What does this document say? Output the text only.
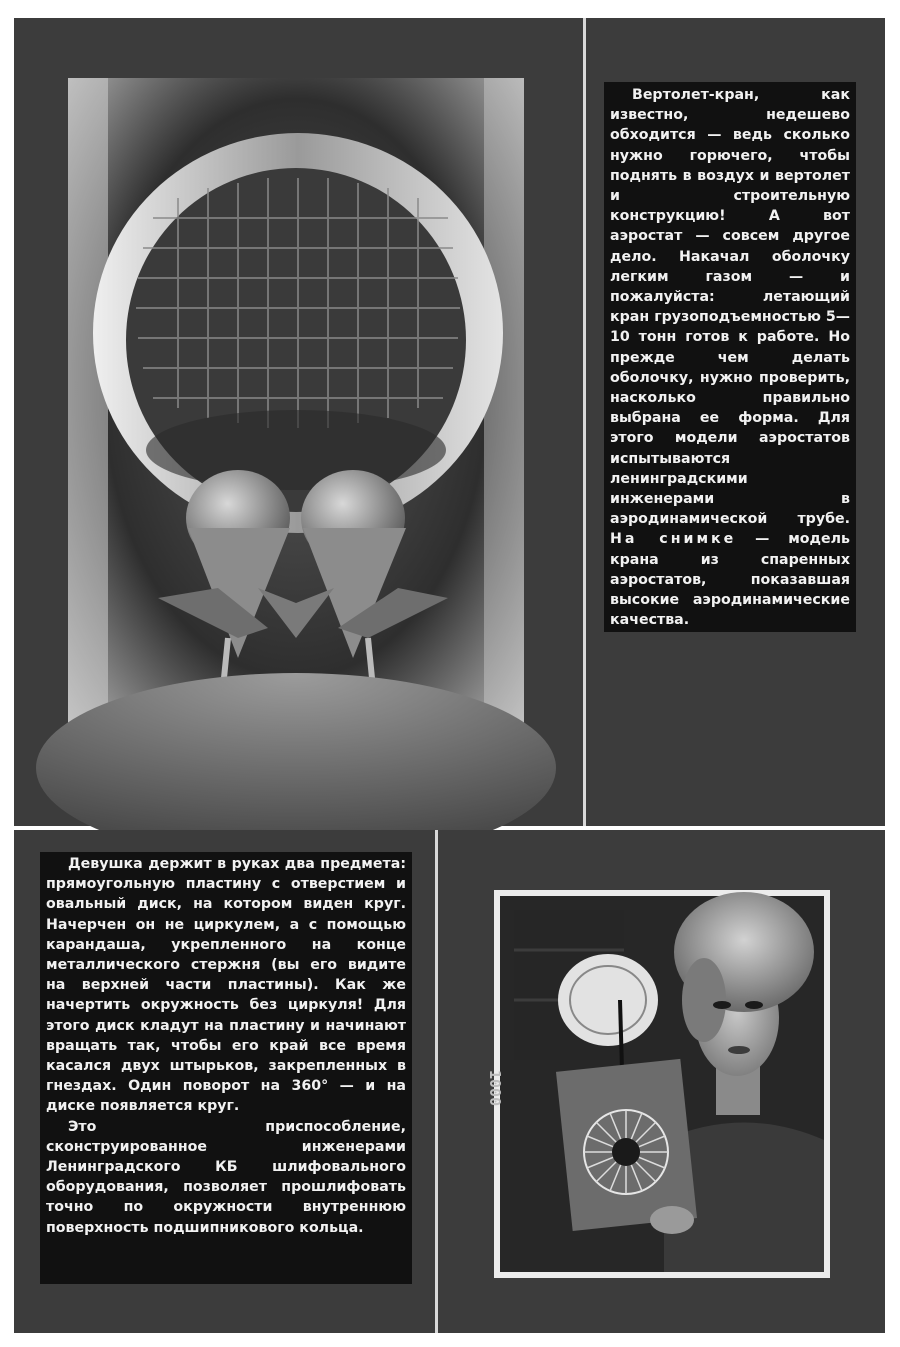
Вертолет-кран, как известно, недешево обходится — ведь сколько нужно горючего, чтобы поднять в воздух и вертолет и строительную конструкцию! А вот аэростат — совсем другое дело. Накачал оболочку легким газом — и пожалуйста: летающий кран грузоподъемностью 5—10 тонн готов к работе. Но прежде чем делать оболочку, нужно проверить, насколько правильно выбрана ее форма. Для этого модели аэростатов испытываются ленинградскими инженерами в аэродинамической трубе. На снимке — модель крана из спаренных аэростатов, показавшая высокие аэродинамические качества.

Девушка держит в руках два предмета: прямоугольную пластину с отверстием и овальный диск, на котором виден круг. Начерчен он не циркулем, а с помощью карандаша, укрепленного на конце металлического стержня (вы его видите на верхней части пластины). Как же начертить окружность без циркуля! Для этого диск кладут на пластину и начинают вращать так, чтобы его край все время касался двух штырьков, закрепленных в гнездах. Один поворот на 360° — и на диске появляется круг.

Это приспособление, сконструированное инженерами Ленинградского КБ шлифовального оборудования, позволяет прошлифовать точно по окружности внутреннюю поверхность подшипникового кольца.

1000
